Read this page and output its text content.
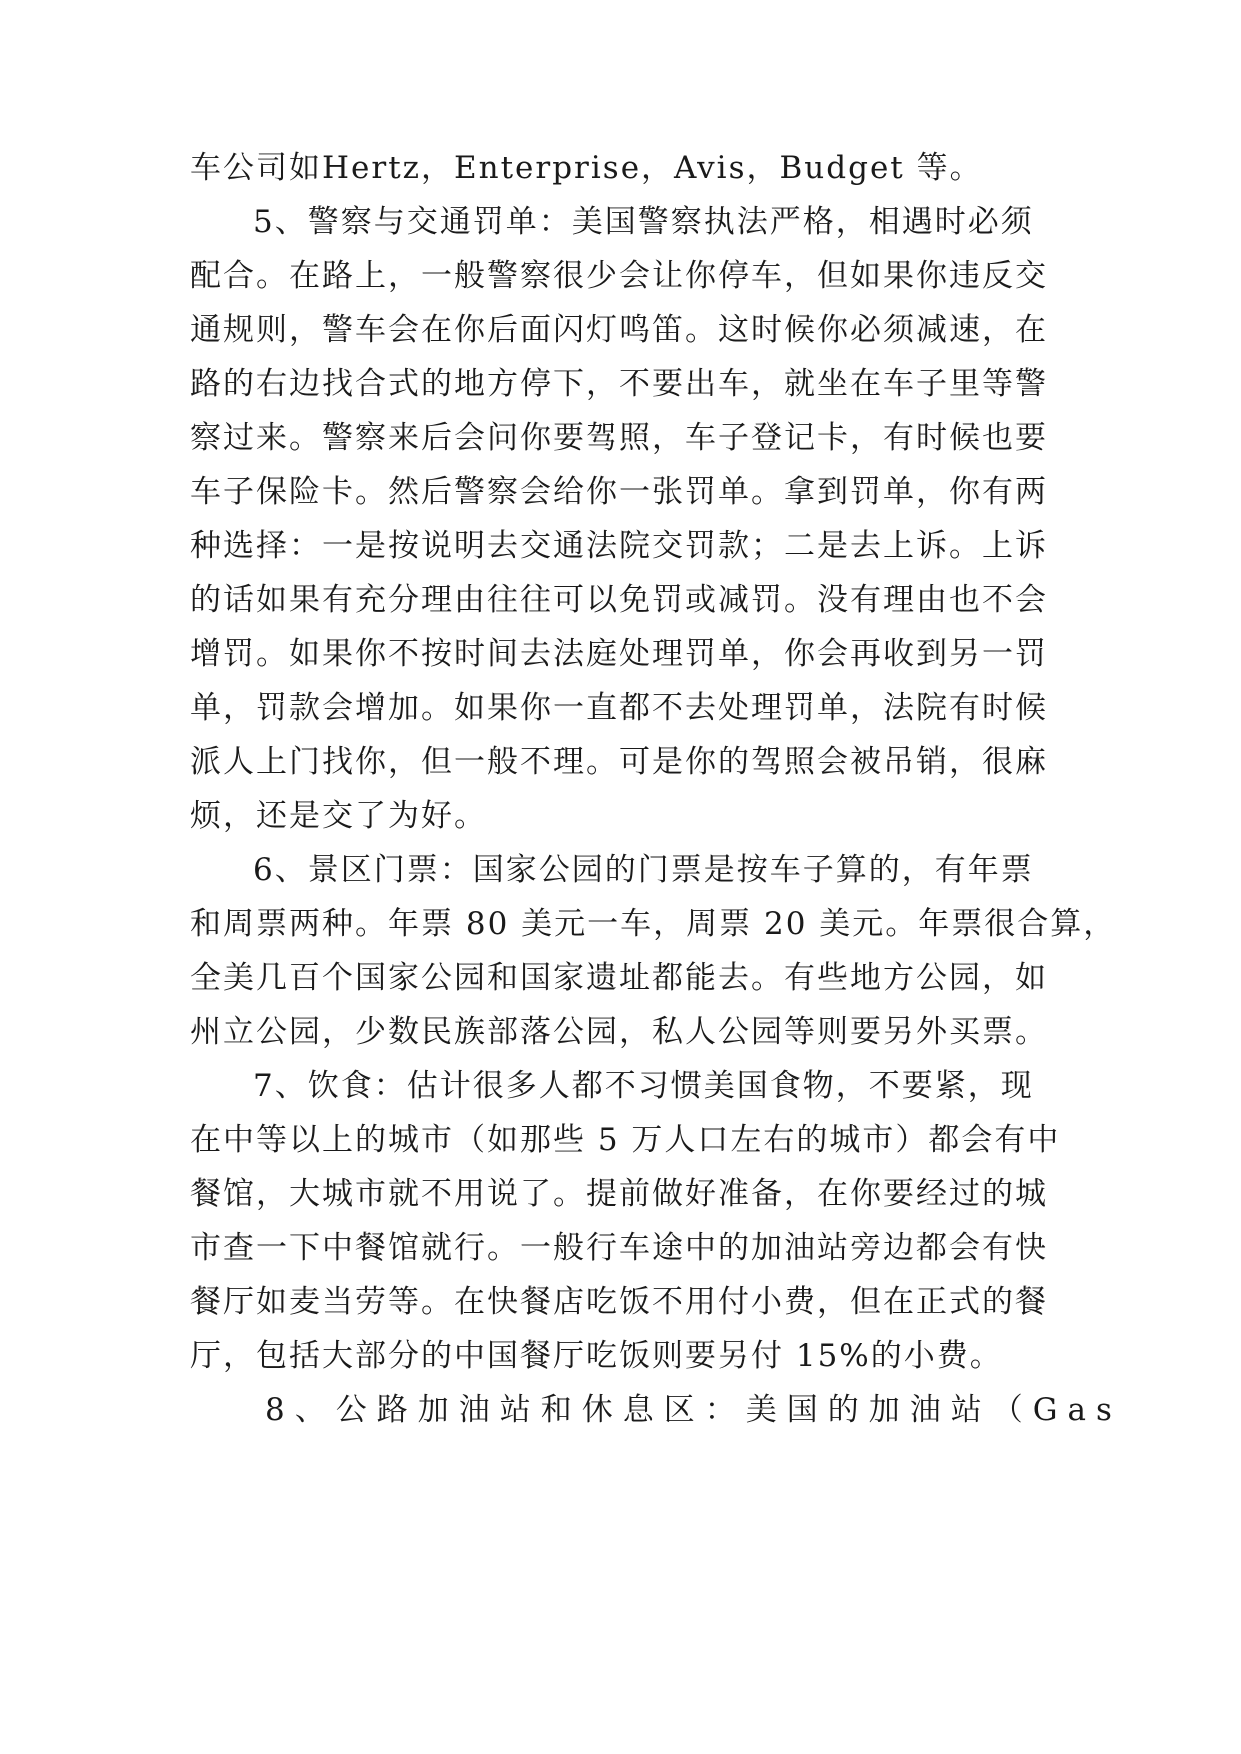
车公司如Hertz，Enterprise，Avis，Budget 等。
5、警察与交通罚单：美国警察执法严格，相遇时必须
配合。在路上，一般警察很少会让你停车，但如果你违反交
通规则，警车会在你后面闪灯鸣笛。这时候你必须减速，在
路的右边找合式的地方停下，不要出车，就坐在车子里等警
察过来。警察来后会问你要驾照，车子登记卡，有时候也要
车子保险卡。然后警察会给你一张罚单。拿到罚单，你有两
种选择：一是按说明去交通法院交罚款；二是去上诉。上诉
的话如果有充分理由往往可以免罚或减罚。没有理由也不会
增罚。如果你不按时间去法庭处理罚单，你会再收到另一罚
单，罚款会增加。如果你一直都不去处理罚单，法院有时候
派人上门找你，但一般不理。可是你的驾照会被吊销，很麻
烦，还是交了为好。
6、景区门票：国家公园的门票是按车子算的，有年票
和周票两种。年票 80 美元一车，周票 20 美元。年票很合算，
全美几百个国家公园和国家遗址都能去。有些地方公园，如
州立公园，少数民族部落公园，私人公园等则要另外买票。
7、饮食：估计很多人都不习惯美国食物，不要紧，现
在中等以上的城市（如那些 5 万人口左右的城市）都会有中
餐馆，大城市就不用说了。提前做好准备，在你要经过的城
市查一下中餐馆就行。一般行车途中的加油站旁边都会有快
餐厅如麦当劳等。在快餐店吃饭不用付小费，但在正式的餐
厅，包括大部分的中国餐厅吃饭则要另付 15%的小费。
8、公路加油站和休息区：美国的加油站（Gas
